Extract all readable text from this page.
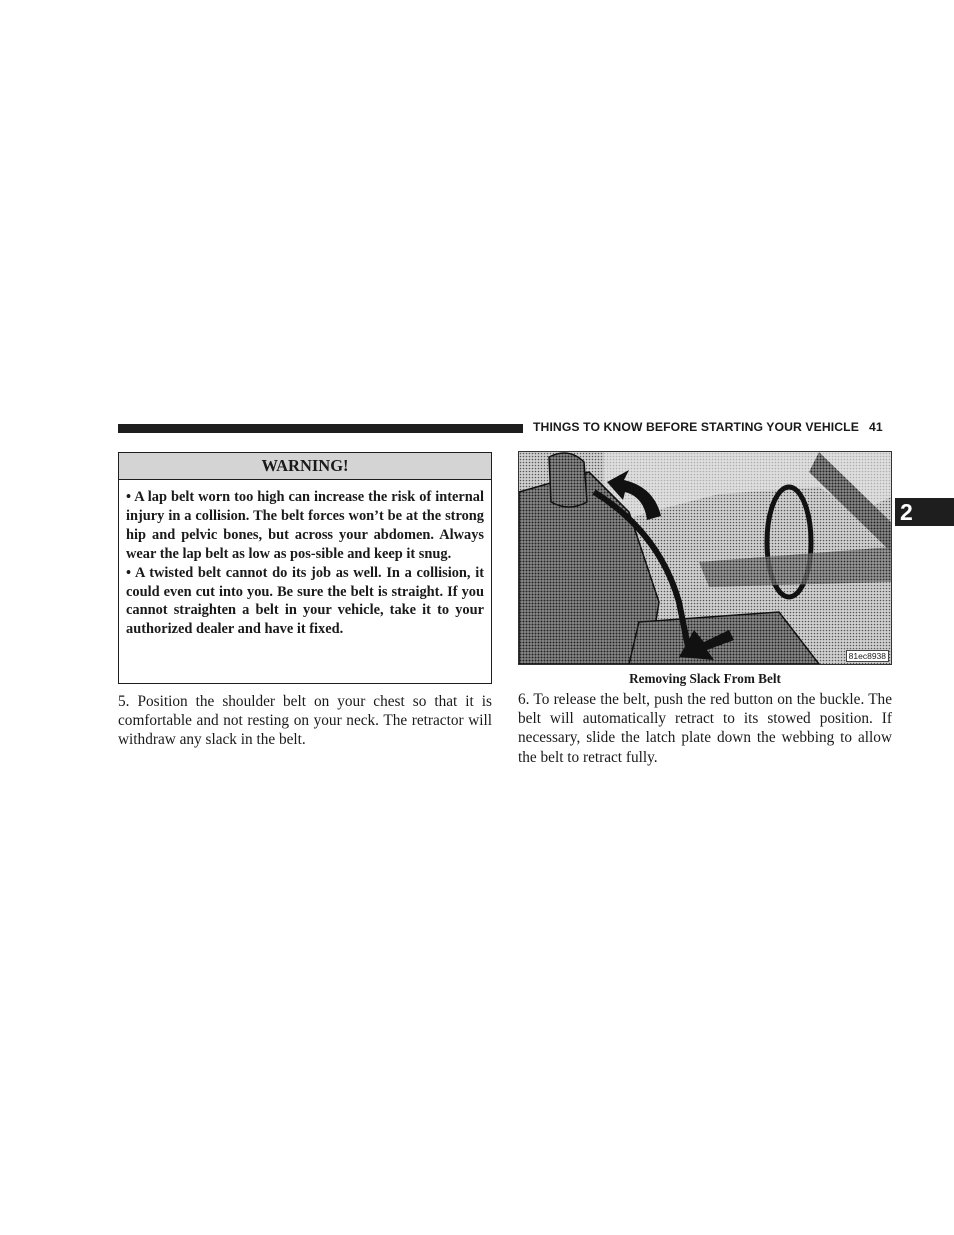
THINGS TO KNOW BEFORE STARTING YOUR VEHICLE 41
2
WARNING!

• A lap belt worn too high can increase the risk of internal injury in a collision. The belt forces won’t be at the strong hip and pelvic bones, but across your abdomen. Always wear the lap belt as low as pos-sible and keep it snug.

• A twisted belt cannot do its job as well. In a collision, it could even cut into you. Be sure the belt is straight. If you cannot straighten a belt in your vehicle, take it to your authorized dealer and have it fixed.

5. Position the shoulder belt on your chest so that it is comfortable and not resting on your neck. The retractor will withdraw any slack in the belt.

81ec8938
Removing Slack From Belt

6. To release the belt, push the red button on the buckle. The belt will automatically retract to its stowed position. If necessary, slide the latch plate down the webbing to allow the belt to retract fully.
